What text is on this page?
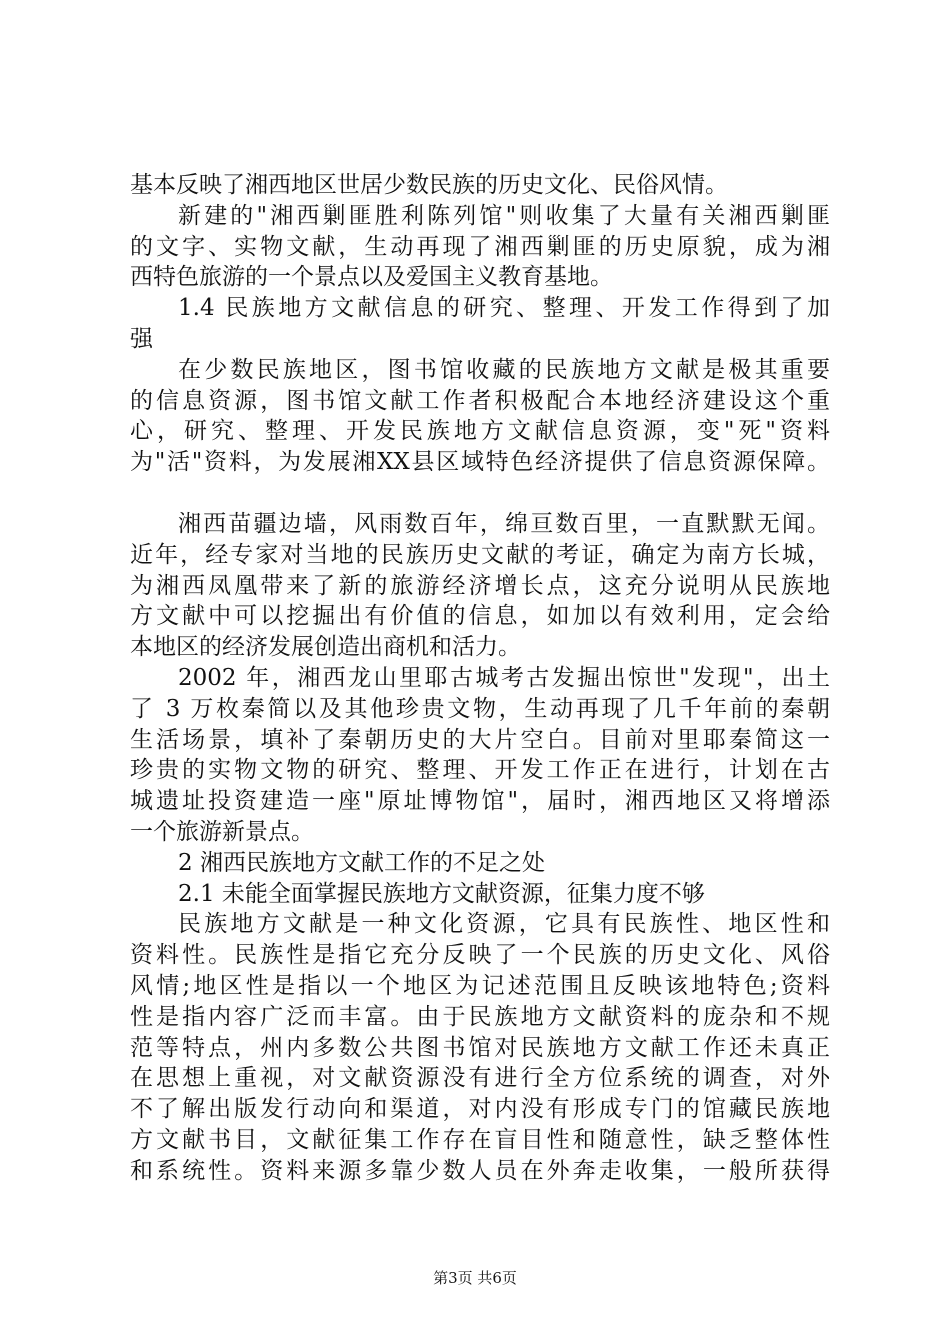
基本反映了湘西地区世居少数民族的历史文化、民俗风情。
新建的"湘西剿匪胜利陈列馆"则收集了大量有关湘西剿匪
的文字、实物文献，生动再现了湘西剿匪的历史原貌，成为湘
西特色旅游的一个景点以及爱国主义教育基地。
1.4 民族地方文献信息的研究、整理、开发工作得到了加
强
在少数民族地区，图书馆收藏的民族地方文献是极其重要
的信息资源，图书馆文献工作者积极配合本地经济建设这个重
心，研究、整理、开发民族地方文献信息资源，变"死"资料
为"活"资料，为发展湘XX县区域特色经济提供了信息资源保障。
湘西苗疆边墙，风雨数百年，绵亘数百里，一直默默无闻。
近年，经专家对当地的民族历史文献的考证，确定为南方长城，
为湘西凤凰带来了新的旅游经济增长点，这充分说明从民族地
方文献中可以挖掘出有价值的信息，如加以有效利用，定会给
本地区的经济发展创造出商机和活力。
2002 年，湘西龙山里耶古城考古发掘出惊世"发现"，出土
了 3 万枚秦简以及其他珍贵文物，生动再现了几千年前的秦朝
生活场景，填补了秦朝历史的大片空白。目前对里耶秦简这一
珍贵的实物文物的研究、整理、开发工作正在进行，计划在古
城遗址投资建造一座"原址博物馆"，届时，湘西地区又将增添
一个旅游新景点。
2 湘西民族地方文献工作的不足之处
2.1 未能全面掌握民族地方文献资源，征集力度不够
民族地方文献是一种文化资源，它具有民族性、地区性和
资料性。民族性是指它充分反映了一个民族的历史文化、风俗
风情;地区性是指以一个地区为记述范围且反映该地特色;资料
性是指内容广泛而丰富。由于民族地方文献资料的庞杂和不规
范等特点，州内多数公共图书馆对民族地方文献工作还未真正
在思想上重视，对文献资源没有进行全方位系统的调查，对外
不了解出版发行动向和渠道，对内没有形成专门的馆藏民族地
方文献书目，文献征集工作存在盲目性和随意性，缺乏整体性
和系统性。资料来源多靠少数人员在外奔走收集，一般所获得
第3页 共6页
